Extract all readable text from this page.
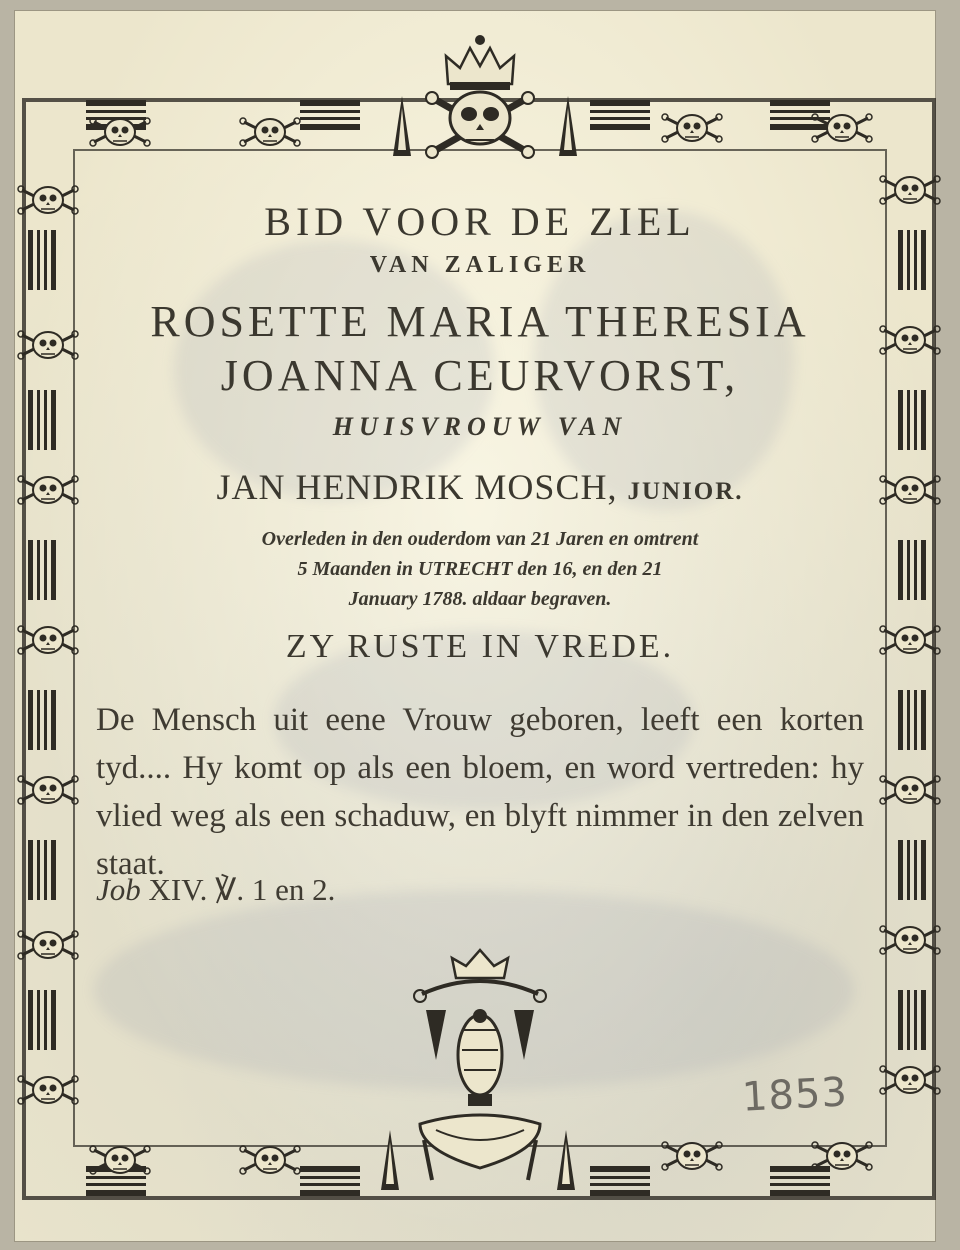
BID VOOR DE ZIEL
VAN ZALIGER
ROSETTE MARIA THERESIA
JOANNA CEURVORST,
HUISVROUW VAN
JAN HENDRIK MOSCH, JUNIOR.
Overleden in den ouderdom van 21 Jaren en omtrent
5 Maanden in UTRECHT den 16, en den 21
January 1788. aldaar begraven.
ZY RUSTE IN VREDE.
De Mensch uit eene Vrouw geboren, leeft een korten tyd.... Hy komt op als een bloem, en word vertreden: hy vlied weg als een schaduw, en blyft nimmer in den zelven staat.
Job XIV. ℣. 1 en 2.
1853
